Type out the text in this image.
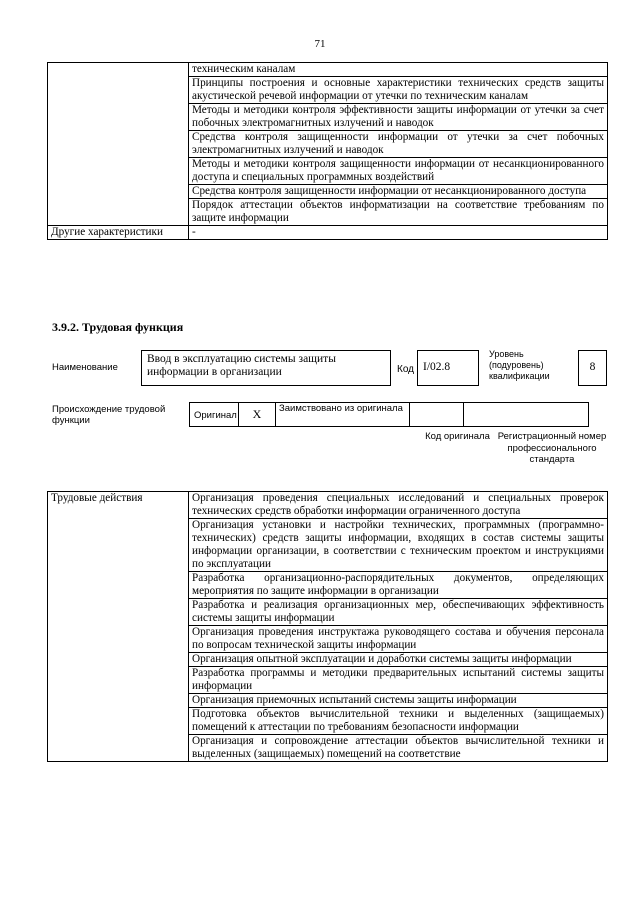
71
	техническим каналам
	Принципы построения и основные характеристики технических средств защиты акустической речевой информации от утечки по техническим каналам
	Методы и методики контроля эффективности защиты информации от утечки за счет побочных электромагнитных излучений и наводок
	Средства контроля защищенности информации от утечки за счет побочных электромагнитных излучений и наводок
	Методы и методики контроля защищенности информации от несанкционированного доступа и специальных программных воздействий
	Средства контроля защищенности информации от несанкционированного доступа
	Порядок аттестации объектов информатизации на соответствие требованиям по защите информации
Другие характеристики	-
3.9.2. Трудовая функция
Наименование
Ввод в эксплуатацию системы защиты информации в организации	Код I/02.8
Уровень (подуровень) квалификации
8
Происхождение трудовой функции	Оригинал	X	Заимствовано из оригинала
Код оригинала Регистрационный номер профессионального стандарта
Трудовые действия	Организация проведения специальных исследований и специальных проверок технических средств обработки информации ограниченного доступа
Организация установки и настройки технических, программных (программно-технических) средств защиты информации, входящих в состав системы защиты информации организации, в соответствии с техническим проектом и инструкциями по эксплуатации
Разработка организационно-распорядительных документов, определяющих мероприятия по защите информации в организации
Разработка и реализация организационных мер, обеспечивающих эффективность системы защиты информации
Организация проведения инструктажа руководящего состава и обучения персонала по вопросам технической защиты информации
Организация опытной эксплуатации и доработки системы защиты информации
Разработка программы и методики предварительных испытаний системы защиты информации
Организация приемочных испытаний системы защиты информации
Подготовка объектов вычислительной техники и выделенных (защищаемых) помещений к аттестации по требованиям безопасности информации
Организация и сопровождение аттестации объектов вычислительной техники и выделенных (защищаемых) помещений на соответствие
